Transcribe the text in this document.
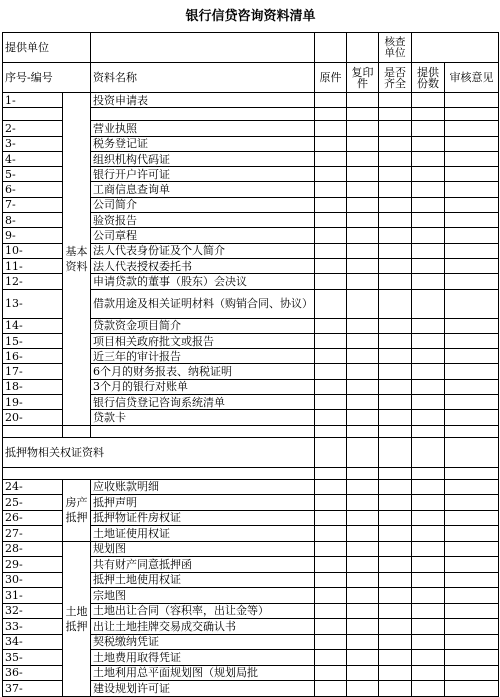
银行信贷咨询资料清单							
提供单位					核查单位		
序号-编号		资料名称	原件	复印件	是否齐全	提供份数	审核意见
1-	基本资料	投资申请表					

2-		营业执照					
3-		税务登记证					
4-		组织机构代码证					
5-		银行开户许可证					
6-		工商信息查询单					
7-		公司简介					
8-		验资报告					
9-		公司章程					
10-		法人代表身份证及个人简介					
11-		法人代表授权委托书					
12-		申请贷款的董事（股东）会决议					
13-		借款用途及相关证明材料（购销合同、协议）					
14-		贷款资金项目简介					
15-		项目相关政府批文或报告					
16-		近三年的审计报告					
17-		6个月的财务报表、纳税证明					
18-		3个月的银行对账单					
19-		银行信贷登记咨询系统清单					
20-		贷款卡					

抵押物相关权证资料							

24-	房产抵押	应收账款明细					
25-		抵押声明					
26-		抵押物证件房权证					
27-		土地证使用权证					
28-	土地抵押	规划图					
29-		共有财产同意抵押函					
30-		抵押土地使用权证					
31-		宗地图					
32-		土地出让合同（容积率，出让金等）					
33-		出让土地挂牌交易成交确认书					
34-		契税缴纳凭证					
35-		土地费用取得凭证					
36-		土地利用总平面规划图（规划局批					
37-		建设规划许可证					
